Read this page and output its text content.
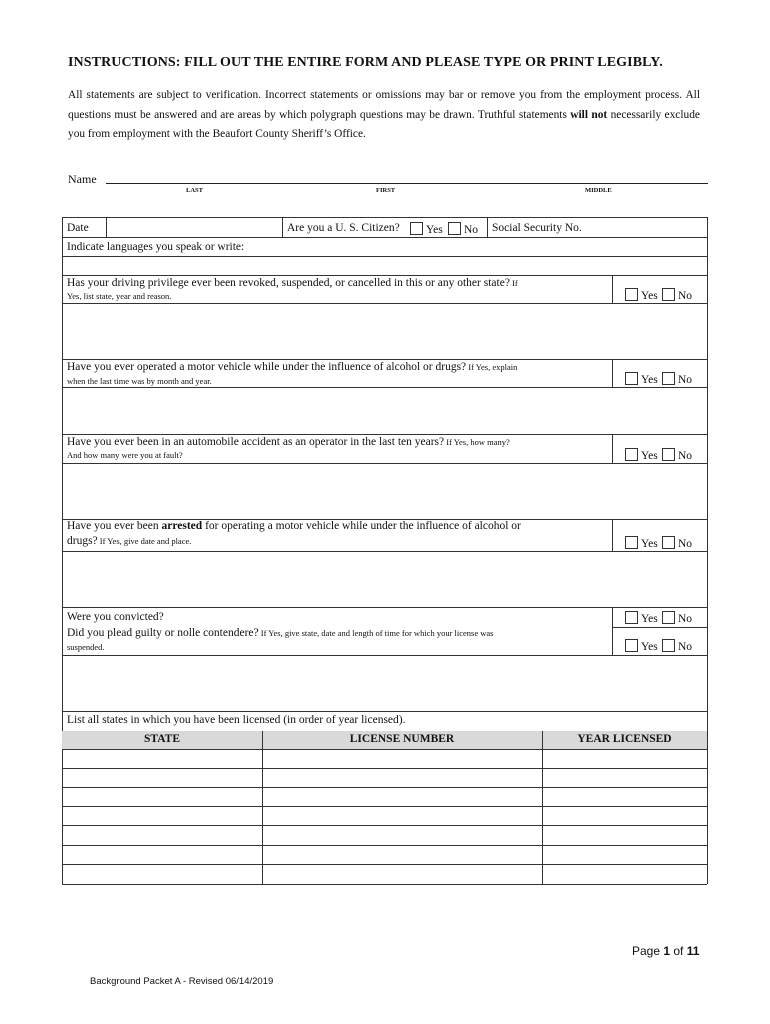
INSTRUCTIONS: FILL OUT THE ENTIRE FORM AND PLEASE TYPE OR PRINT LEGIBLY.
All statements are subject to verification. Incorrect statements or omissions may bar or remove you from the employment process. All questions must be answered and are areas by which polygraph questions may be drawn. Truthful statements will not necessarily exclude you from employment with the Beaufort County Sheriff’s Office.
Name
LAST	FIRST	MIDDLE
Date	Are you a U. S. Citizen?	Yes	No Social Security No.
Indicate languages you speak or write:
Has your driving privilege ever been revoked, suspended, or cancelled in this or any other state? If
Yes, list state, year and reason.	Yes	No
Have you ever operated a motor vehicle while under the influence of alcohol or drugs? If Yes, explain
when the last time was by month and year.	Yes	No
Have you ever been in an automobile accident as an operator in the last ten years? If Yes, how many?
And how many were you at fault?	Yes	No
Have you ever been arrested for operating a motor vehicle while under the influence of alcohol or
drugs? If Yes, give date and place.	Yes	No
Were you convicted?	Yes	No
Did you plead guilty or nolle contendere? If Yes, give state, date and length of time for which your license was
suspended.	Yes	No
List all states in which you have been licensed (in order of year licensed).
STATE	LICENSE NUMBER	YEAR LICENSED
Page 1 of 11
Background Packet A - Revised 06/14/2019
